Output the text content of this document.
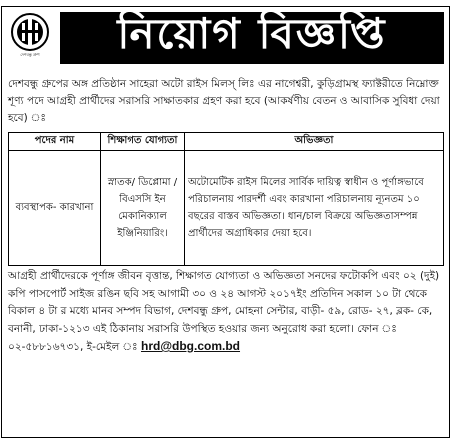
দেশবন্ধু গ্রুপ নিয়োগ বিজ্ঞপ্তি
দেশবন্ধু গ্রুপের অঙ্গ প্রতিষ্ঠান সাহেরা অটো রাইস মিলস্ লিঃ এর নাগেশ্বরী, কুড়িগ্রামস্থ ফ্যাক্টরীতে নিম্নোক্ত শূণ্য পদে আগ্রহী প্রার্থীদের সরাসরি সাক্ষাতকার গ্রহণ করা হবে (আকর্ষণীয় বেতন ও আবাসিক সুবিধা দেয়া হবে) ঃ
পদের নাম	শিক্ষাগত যোগ্যতা	অভিজ্ঞতা
ব্যবস্থাপক- কারখানা	স্নাতক/ ডিপ্লোমা /বিএসসি ইন মেকানিক্যাল ইঞ্জিনিয়ারিং।	অটোমেটিক রাইস মিলের সার্বিক দায়িত্ব স্বাধীন ও পূর্ণাঙ্গভাবে পরিচালনায় পারদর্শী এবং কারখানা পরিচালনায় ন্যূনতম ১০ বছরের বাস্তব অভিজ্ঞতা। ধান/চাল বিক্রয়ে অভিজ্ঞতাসম্পন্ন প্রার্থীদের অগ্রাধিকার দেয়া হবে।
আগ্রহী প্রার্থীদেরকে পূর্ণাঙ্গ জীবন বৃত্তান্ত, শিক্ষাগত যোগ্যতা ও অভিজ্ঞতা সনদের ফটোকপি এবং ০২ (দুই) কপি পাসপোর্ট সাইজ রঙিন ছবি সহ আগামী ৩০ ও ২৪ আগস্ট ২০১৭ইং প্রতিদিন সকাল ১০ টা থেকে বিকাল ৪ টা র মধ্যে মানব সম্পদ বিভাগ, দেশবন্ধু গ্রুপ, মোহনা সেন্টার, বাড়ী- ৫৯, রোড- ২৭, ব্লক- কে, বনানী, ঢাকা-১২১৩ এই ঠিকানায় সরাসরি উপস্থিত হওয়ার জন্য অনুরোধ করা হলো। ফোন ঃ ০২-৫৮৮১৬৭৩১, ই-মেইল ঃ hrd@dbg.com.bd
